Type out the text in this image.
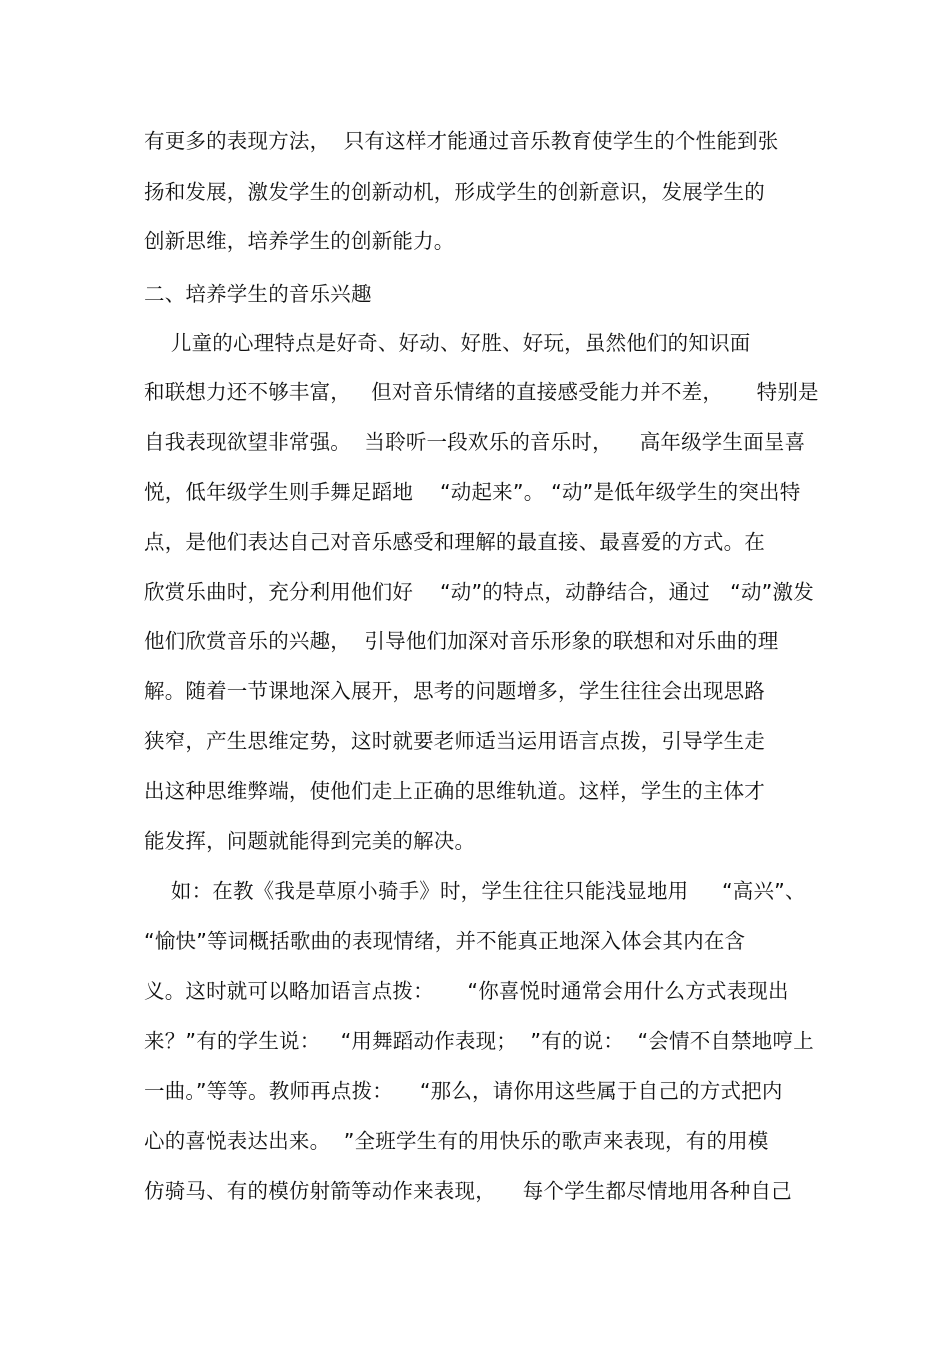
有更多的表现方法，  只有这样才能通过音乐教育使学生的个性能到张
扬和发展，激发学生的创新动机，形成学生的创新意识，发展学生的
创新思维，培养学生的创新能力。
二、培养学生的音乐兴趣
儿童的心理特点是好奇、好动、好胜、好玩，虽然他们的知识面
和联想力还不够丰富，   但对音乐情绪的直接感受能力并不差，     特别是
自我表现欲望非常强。  当聆听一段欢乐的音乐时，    高年级学生面呈喜
悦，低年级学生则手舞足蹈地    “动起来”。 “动”是低年级学生的突出特
点，是他们表达自己对音乐感受和理解的最直接、最喜爱的方式。在
欣赏乐曲时，充分利用他们好    “动”的特点，动静结合，通过   “动”激发
他们欣赏音乐的兴趣，  引导他们加深对音乐形象的联想和对乐曲的理
解。随着一节课地深入展开，思考的问题增多，学生往往会出现思路
狭窄，产生思维定势，这时就要老师适当运用语言点拨，引导学生走
出这种思维弊端，使他们走上正确的思维轨道。这样，学生的主体才
能发挥，问题就能得到完美的解决。
如：在教《我是草原小骑手》时，学生往往只能浅显地用     “高兴”、
“愉快”等词概括歌曲的表现情绪，并不能真正地深入体会其内在含
义。这时就可以略加语言点拨：     “你喜悦时通常会用什么方式表现出
来？”有的学生说：   “用舞蹈动作表现；  ”有的说：  “会情不自禁地哼上
一曲。”等等。教师再点拨：    “那么，请你用这些属于自己的方式把内
心的喜悦表达出来。  ”全班学生有的用快乐的歌声来表现，有的用模
仿骑马、有的模仿射箭等动作来表现，    每个学生都尽情地用各种自己
